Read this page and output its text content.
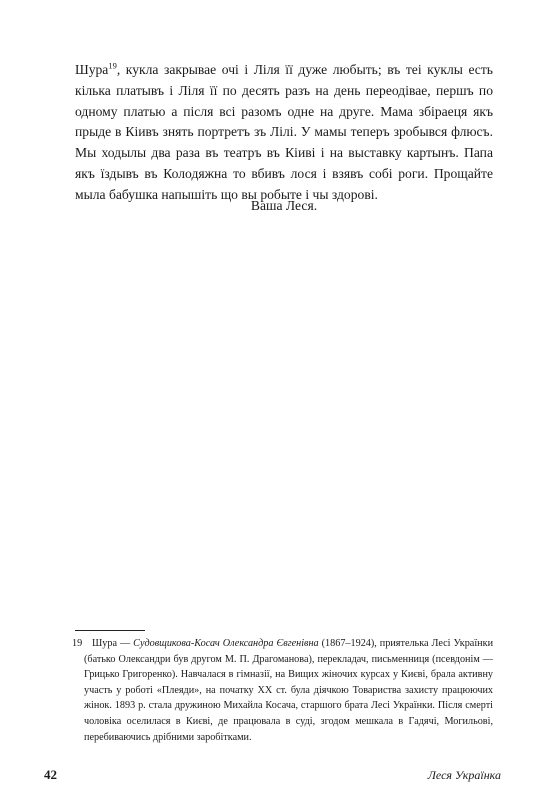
Шура$^{19}$, кукла закрывае очі і Ліля її дуже любыть; въ теі куклы есть кілька платывъ і Ліля її по десять разъ на день переодівае, першъ по одному платью а після всі разомъ одне на друге. Мама збіраеця якъ прыде в Кіивъ знять портретъ зъ Лілі. У мамы теперъ зробывся флюсъ. Мы ходылы два раза въ театръ въ Кіиві і на выставку картынъ. Папа якъ їздывъ въ Колодяжна то вбивъ лося і взявъ собі роги. Прощайте мыла бабушка напышіть що вы робыте і чы здорові.

Ваша Леся.

19 Шура — Судовщикова-Косач Олександра Євгенівна (1867–1924), приятелька Лесі Українки (батько Олександри був другом М. П. Драгоманова), перекладач, письменниця (псевдонім — Грицько Григоренко). Навчалася в гімназії, на Вищих жіночих курсах у Києві, брала активну участь у роботі «Плеяди», на початку XX ст. була діячкою Товариства захисту працюючих жінок. 1893 р. стала дружиною Михайла Косача, старшого брата Лесі Українки. Після смерті чоловіка оселилася в Києві, де працювала в суді, згодом мешкала в Гадячі, Могильові, перебиваючись дрібними заробітками.

42	Леся Українка
